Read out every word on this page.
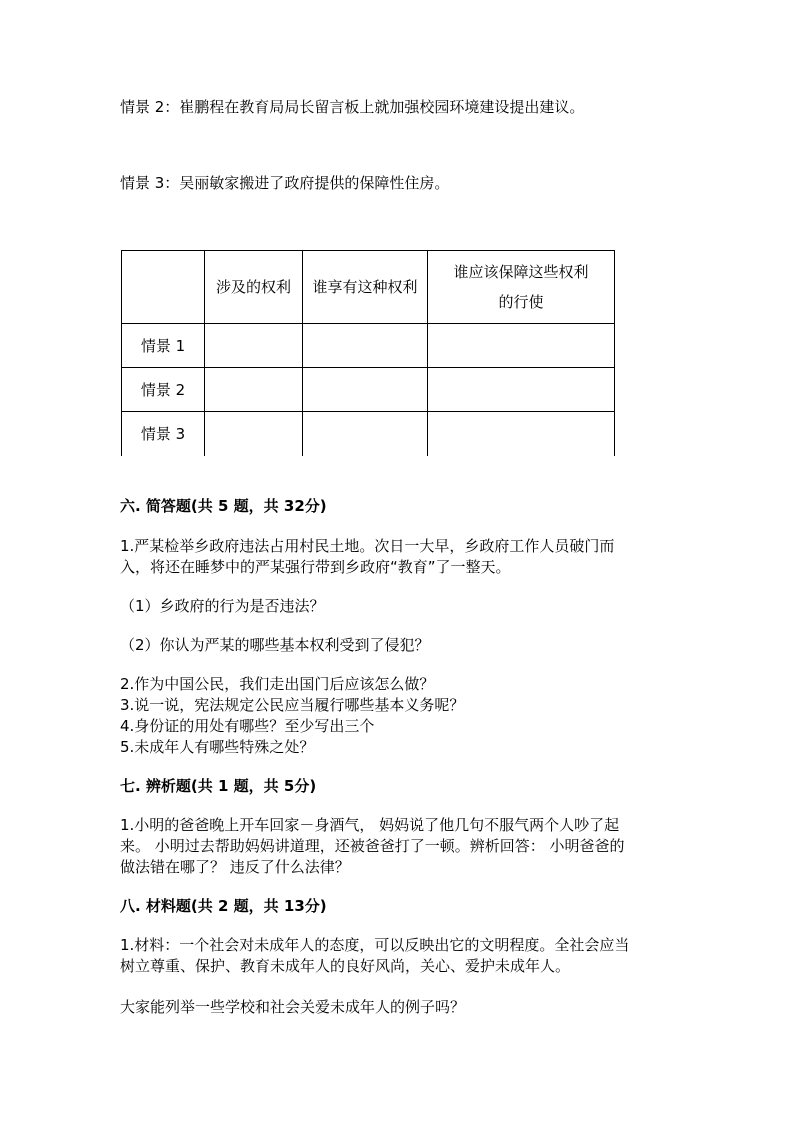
情景 2：崔鹏程在教育局局长留言板上就加强校园环境建设提出建议。
情景 3：吴丽敏家搬进了政府提供的保障性住房。
	涉及的权利	谁享有这种权利	谁应该保障这些权利的行使
情景 1			
情景 2			
情景 3			
六. 简答题(共 5 题，共 32分)
1.严某检举乡政府违法占用村民土地。次日一大早，乡政府工作人员破门而
入，将还在睡梦中的严某强行带到乡政府“教育”了一整天。
（1）乡政府的行为是否违法？
（2）你认为严某的哪些基本权利受到了侵犯？
2.作为中国公民，我们走出国门后应该怎么做？
3.说一说，宪法规定公民应当履行哪些基本义务呢？
4.身份证的用处有哪些？至少写出三个
5.未成年人有哪些特殊之处？
七. 辨析题(共 1 题，共 5分)
1.小明的爸爸晚上开车回家－身酒气， 妈妈说了他几句不服气两个人吵了起
来。 小明过去帮助妈妈讲道理，还被爸爸打了一顿。辨析回答： 小明爸爸的
做法错在哪了？ 违反了什么法律？
八. 材料题(共 2 题，共 13分)
1.材料：一个社会对未成年人的态度，可以反映出它的文明程度。全社会应当
树立尊重、保护、教育未成年人的良好风尚，关心、爱护未成年人。
大家能列举一些学校和社会关爱未成年人的例子吗？
